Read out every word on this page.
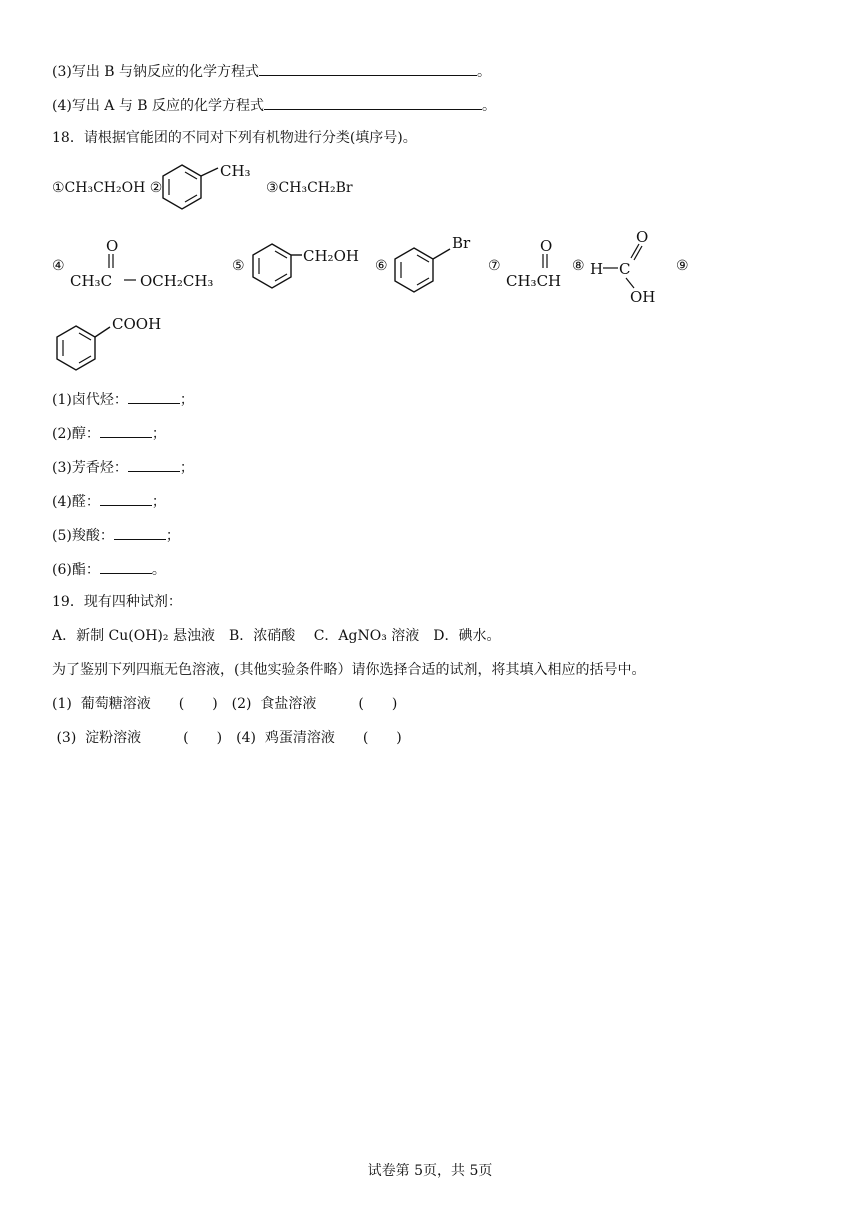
(3)写出 B 与钠反应的化学方程式	。
(4)写出 A 与 B 反应的化学方程式	。
18．请根据官能团的不同对下列有机物进行分类(填序号)。
①CH₃CH₂OH ②
CH₃
③CH₃CH₂Br
④
O
CH₃C OCH₂CH₃
⑤
CH₂OH
⑥
Br
⑦
O
CH₃CH
⑧ H C
O
OH
⑨
COOH
(1)卤代烃：	；
(2)醇：	；
(3)芳香烃：	；
(4)醛：	；
(5)羧酸：	；
(6)酯：	。
19．现有四种试剂：
A．新制 Cu(OH)₂ 悬浊液　B．浓硝酸　 C．AgNO₃ 溶液　D．碘水。
为了鉴别下列四瓶无色溶液，(其他实验条件略）请你选择合适的试剂，将其填入相应的括号中。
(1)  葡萄糖溶液　　(　　)　(2)  食盐溶液　　　(　　)
(3)  淀粉溶液　　　(　　)　(4)  鸡蛋清溶液　　(　　)
试卷第 5页，共 5页
